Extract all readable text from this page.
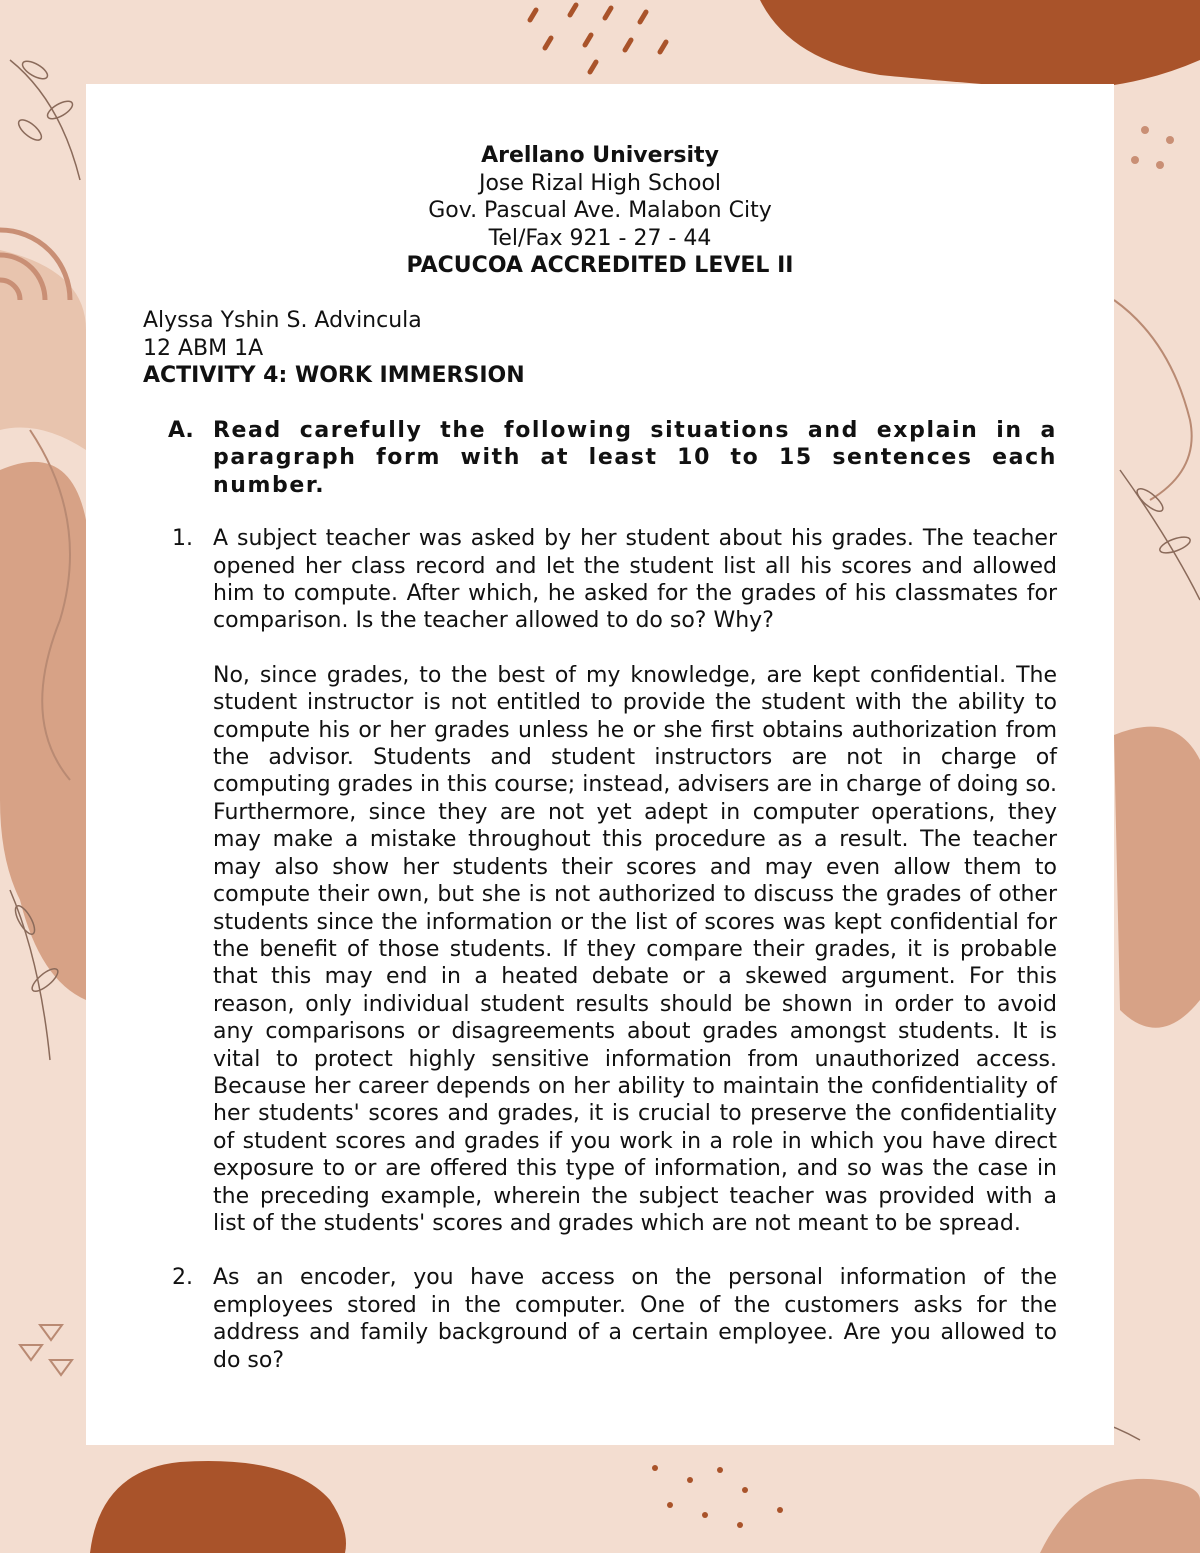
Arellano University
Jose Rizal High School
Gov. Pascual Ave. Malabon City
Tel/Fax 921 - 27 - 44
PACUCOA ACCREDITED LEVEL II
Alyssa Yshin S. Advincula
12 ABM 1A
ACTIVITY 4: WORK IMMERSION
A. Read carefully the following situations and explain in a paragraph form with at least 10 to 15 sentences each number.

1. A subject teacher was asked by her student about his grades. The teacher opened her class record and let the student list all his scores and allowed him to compute. After which, he asked for the grades of his classmates for comparison. Is the teacher allowed to do so? Why?

No, since grades, to the best of my knowledge, are kept confidential. The student instructor is not entitled to provide the student with the ability to compute his or her grades unless he or she first obtains authorization from the advisor. Students and student instructors are not in charge of computing grades in this course; instead, advisers are in charge of doing so. Furthermore, since they are not yet adept in computer operations, they may make a mistake throughout this procedure as a result. The teacher may also show her students their scores and may even allow them to compute their own, but she is not authorized to discuss the grades of other students since the information or the list of scores was kept confidential for the benefit of those students. If they compare their grades, it is probable that this may end in a heated debate or a skewed argument. For this reason, only individual student results should be shown in order to avoid any comparisons or disagreements about grades amongst students. It is vital to protect highly sensitive information from unauthorized access. Because her career depends on her ability to maintain the confidentiality of her students' scores and grades, it is crucial to preserve the confidentiality of student scores and grades if you work in a role in which you have direct exposure to or are offered this type of information, and so was the case in the preceding example, wherein the subject teacher was provided with a list of the students' scores and grades which are not meant to be spread.

2. As an encoder, you have access on the personal information of the employees stored in the computer. One of the customers asks for the address and family background of a certain employee. Are you allowed to do so?
